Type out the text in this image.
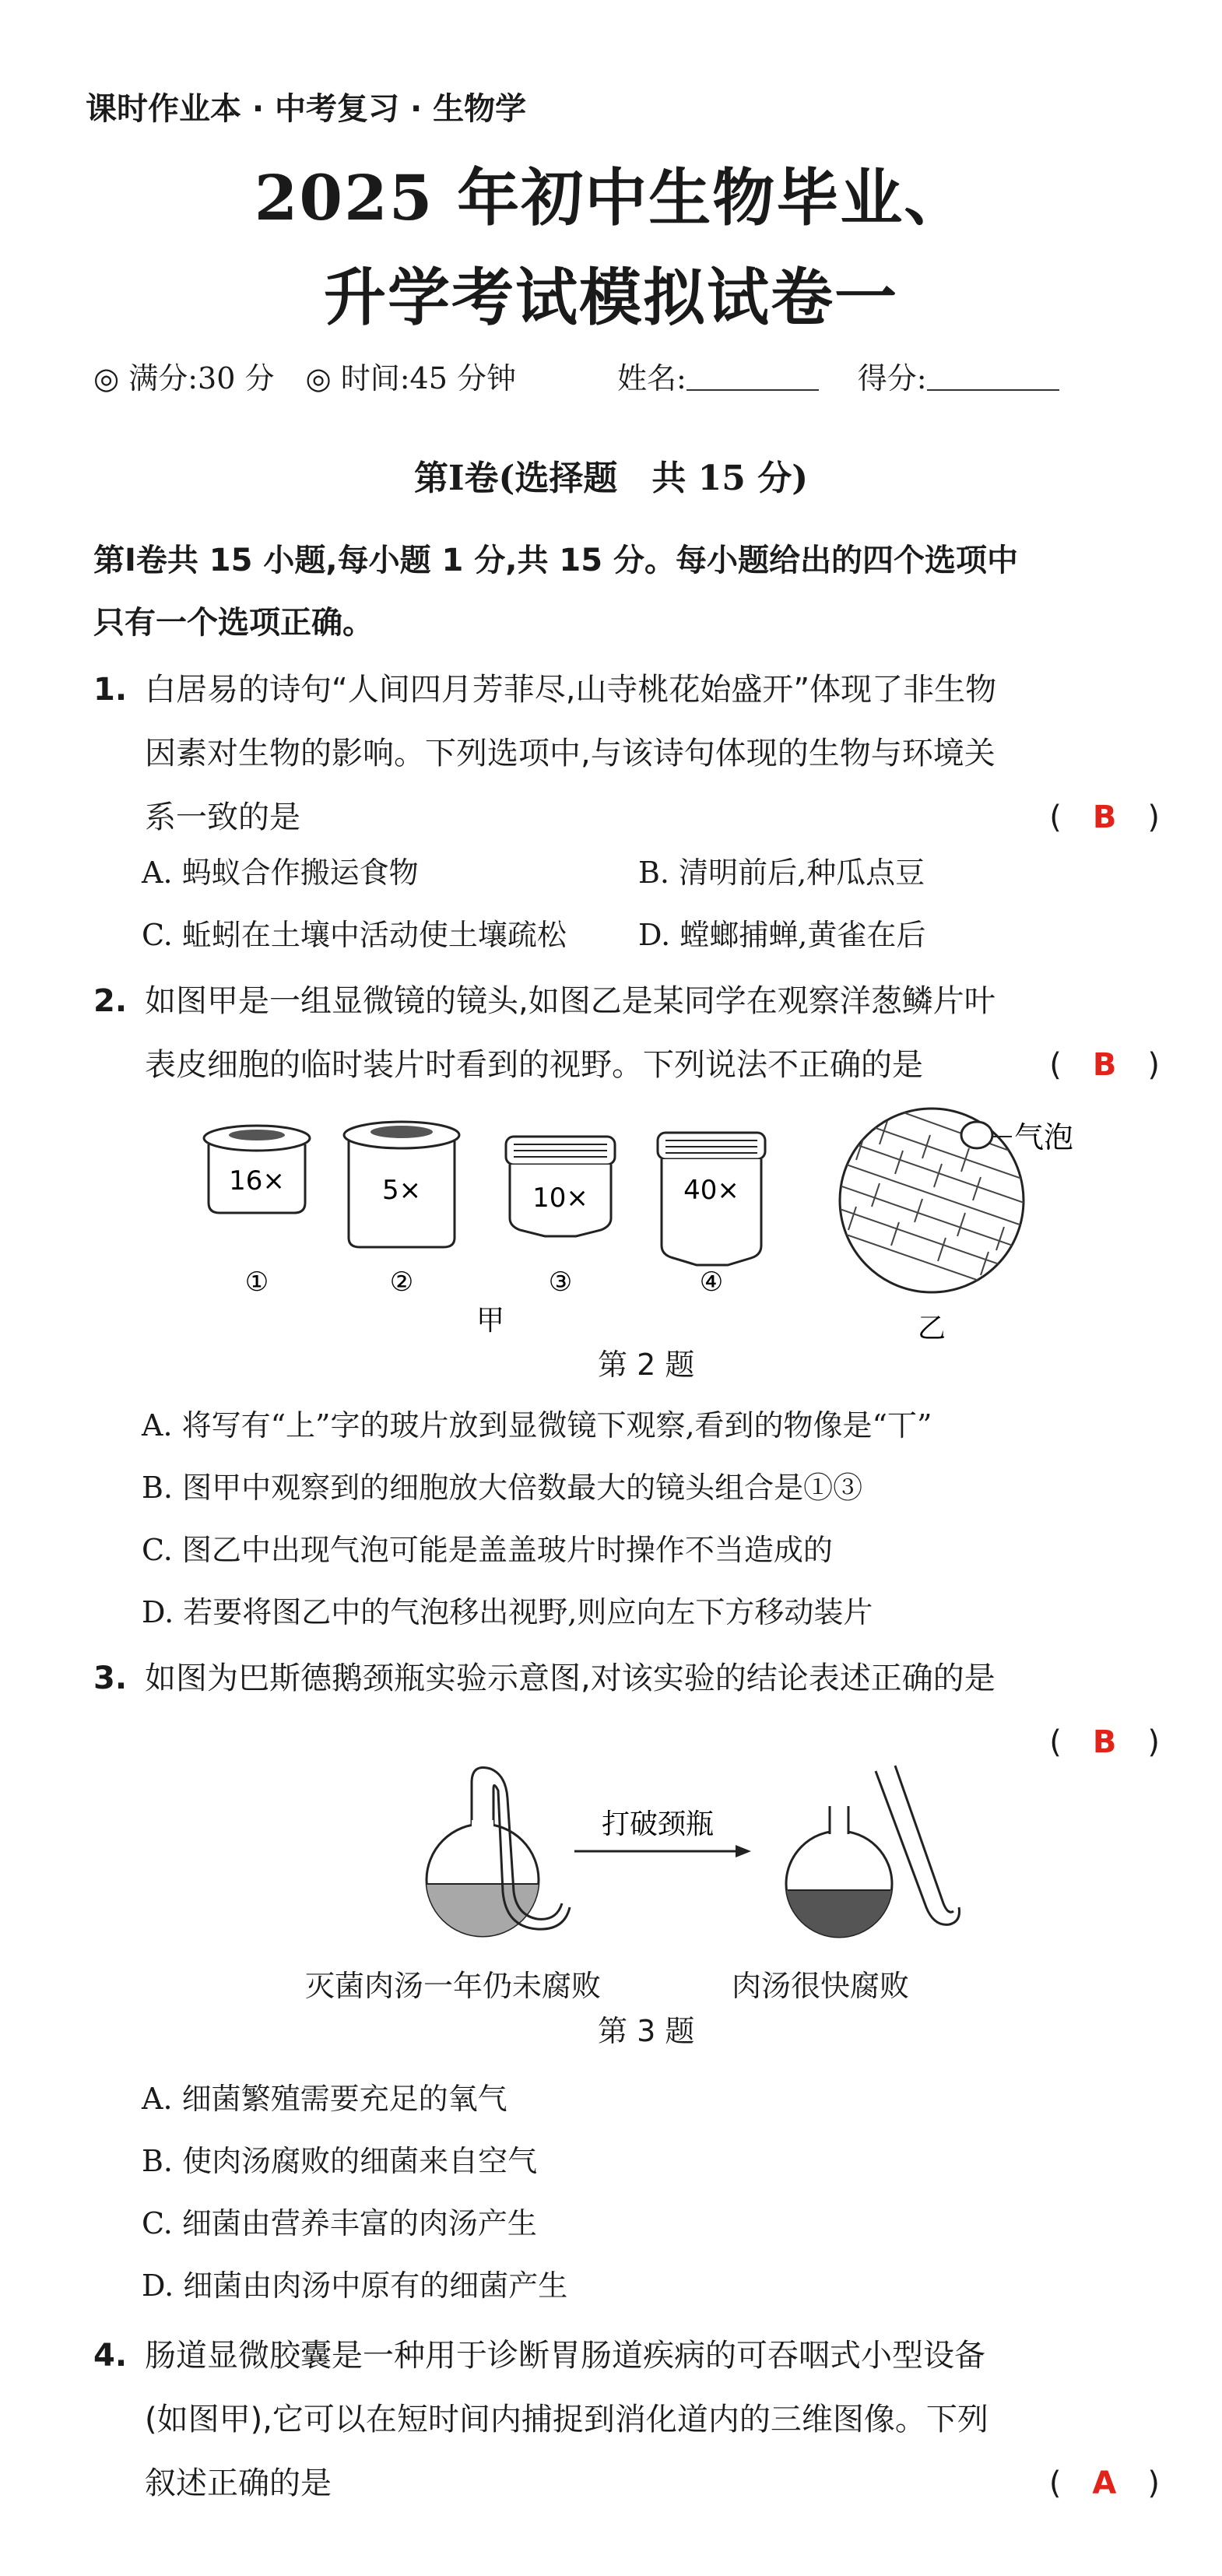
课时作业本 · 中考复习 · 生物学
2025 年初中生物毕业、
升学考试模拟试卷一
◎ 满分:30 分 ◎ 时间:45 分钟	姓名:	得分:
第Ⅰ卷(选择题　共 15 分)
第Ⅰ卷共 15 小题,每小题 1 分,共 15 分。每小题给出的四个选项中
只有一个选项正确。
1. 白居易的诗句“人间四月芳菲尽,山寺桃花始盛开”体现了非生物
因素对生物的影响。下列选项中,与该诗句体现的生物与环境关
系一致的是	(　B　)
A. 蚂蚁合作搬运食物	B. 清明前后,种瓜点豆
C. 蚯蚓在土壤中活动使土壤疏松 D. 螳螂捕蝉,黄雀在后
2. 如图甲是一组显微镜的镜头,如图乙是某同学在观察洋葱鳞片叶
表皮细胞的临时装片时看到的视野。下列说法不正确的是	(　B　)
16×	5×	10×	40×
①	②	③	④
甲
气泡
乙
第 2 题
A. 将写有“上”字的玻片放到显微镜下观察,看到的物像是“丅”
B. 图甲中观察到的细胞放大倍数最大的镜头组合是①③
C. 图乙中出现气泡可能是盖盖玻片时操作不当造成的
D. 若要将图乙中的气泡移出视野,则应向左下方移动装片
3. 如图为巴斯德鹅颈瓶实验示意图,对该实验的结论表述正确的是
(　B　)
打破颈瓶
灭菌肉汤一年仍未腐败	肉汤很快腐败
第 3 题
A. 细菌繁殖需要充足的氧气
B. 使肉汤腐败的细菌来自空气
C. 细菌由营养丰富的肉汤产生
D. 细菌由肉汤中原有的细菌产生
4. 肠道显微胶囊是一种用于诊断胃肠道疾病的可吞咽式小型设备
(如图甲),它可以在短时间内捕捉到消化道内的三维图像。下列
叙述正确的是	(　A　)
